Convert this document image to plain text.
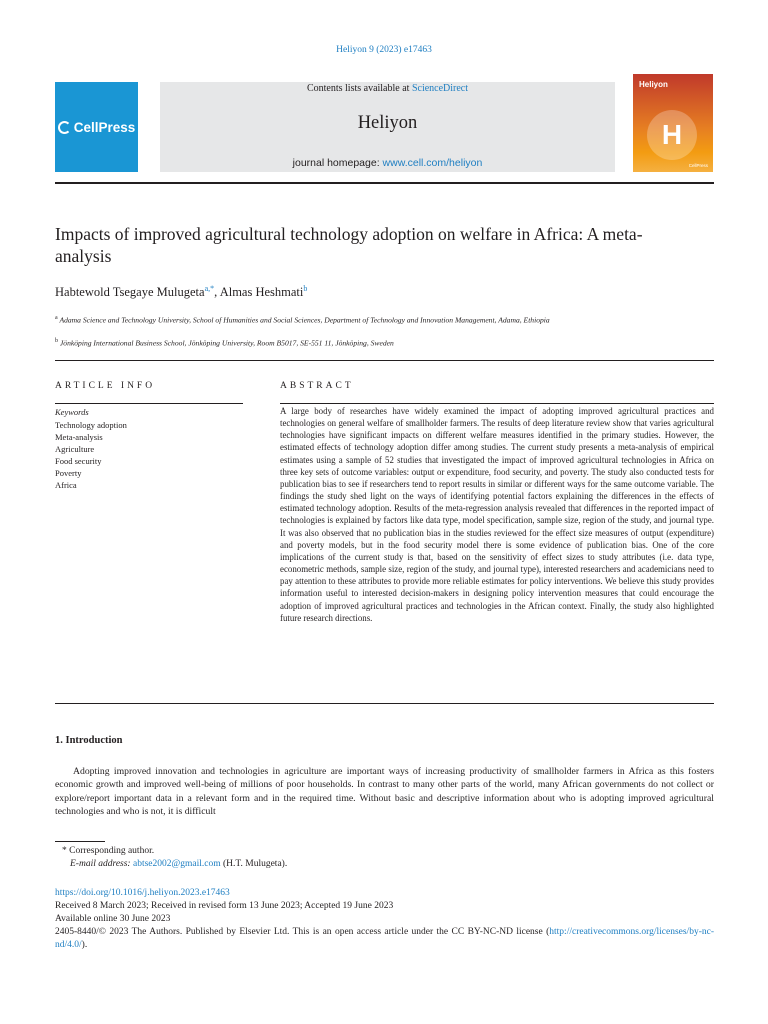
Heliyon 9 (2023) e17463
CellPress
Contents lists available at ScienceDirect
Heliyon
journal homepage: www.cell.com/heliyon
Heliyon
H
CellPress
Impacts of improved agricultural technology adoption on welfare in Africa: A meta-analysis
Habtewold Tsegaye Mulugeta$^{a,*}$, Almas Heshmati$^b$
$^a$ Adama Science and Technology University, School of Humanities and Social Sciences, Department of Technology and Innovation Management, Adama, Ethiopia
$^b$ Jönköping International Business School, Jönköping University, Room B5017, SE-551 11, Jönköping, Sweden
ARTICLE INFO
Keywords
Technology adoption
Meta-analysis
Agriculture
Food security
Poverty
Africa
ABSTRACT
A large body of researches have widely examined the impact of adopting improved agricultural practices and technologies on general welfare of smallholder farmers. The results of deep literature review show that varies agricultural technologies have significant impacts on different welfare measures identified in the primary studies. However, the estimated effects of technology adoption differ among studies. The current study presents a meta-analysis of empirical estimates using a sample of 52 studies that investigated the impact of improved agricultural technologies in Africa on three key sets of outcome variables: output or expenditure, food security, and poverty. The study also conducted tests for publication bias to see if researchers tend to report results in similar or different ways for the same outcome variable. The findings the study shed light on the ways of identifying potential factors explaining the differences in the effects of estimated technology adoption. Results of the meta-regression analysis revealed that differences in the reported impact of technologies is explained by factors like data type, model specification, sample size, region of the study, and journal type. It was also observed that no publication bias in the studies reviewed for the effect size measures of output (expenditure) and poverty models, but in the food security model there is some evidence of publication bias. One of the core implications of the current study is that, based on the sensitivity of effect sizes to study attributes (i.e. data type, econometric methods, sample size, region of the study, and journal type), interested researchers and academicians need to pay attention to these attributes to provide more reliable estimates for policy interventions. We believe this study provides information useful to interested decision-makers in designing policy intervention measures that could encourage the adoption of improved agricultural practices and technologies in the African context. Finally, the study also highlighted future research directions.
1. Introduction
Adopting improved innovation and technologies in agriculture are important ways of increasing productivity of smallholder farmers in Africa as this fosters economic growth and improved well-being of millions of poor households. In contrast to many other parts of the world, many African governments do not collect or explore/report important data in a relevant form and in the required time. Without basic and descriptive information about who is adopting improved agricultural technologies and who is not, it is difficult
* Corresponding author.
E-mail address: abtse2002@gmail.com (H.T. Mulugeta).
https://doi.org/10.1016/j.heliyon.2023.e17463
Received 8 March 2023; Received in revised form 13 June 2023; Accepted 19 June 2023
Available online 30 June 2023
2405-8440/© 2023 The Authors. Published by Elsevier Ltd. This is an open access article under the CC BY-NC-ND license (http://creativecommons.org/licenses/by-nc-nd/4.0/).
